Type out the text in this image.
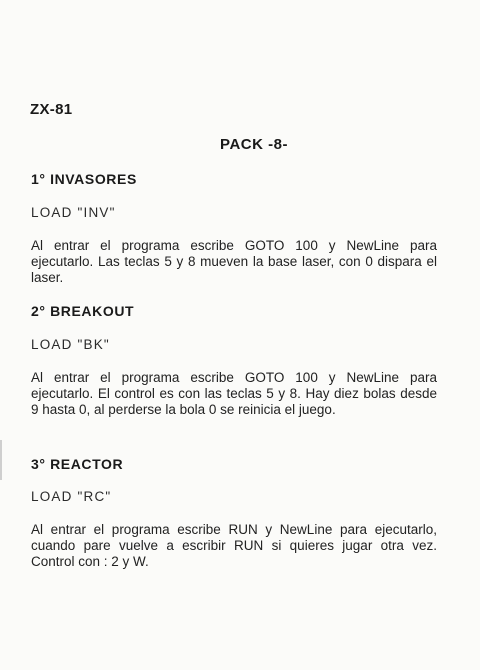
ZX-81
PACK -8-
1° INVASORES
LOAD "INV"
Al entrar el programa escribe GOTO 100 y NewLine para ejecutarlo. Las teclas 5 y 8 mueven la base laser, con 0 dispara el laser.
2° BREAKOUT
LOAD "BK"
Al entrar el programa escribe GOTO 100 y NewLine para ejecutarlo. El control es con las teclas 5 y 8. Hay diez bolas desde 9 hasta 0, al perderse la bola 0 se reinicia el juego.
3° REACTOR
LOAD "RC"
Al entrar el programa escribe RUN y NewLine para ejecutarlo, cuando pare vuelve a escribir RUN si quieres jugar otra vez. Control con : 2 y W.
